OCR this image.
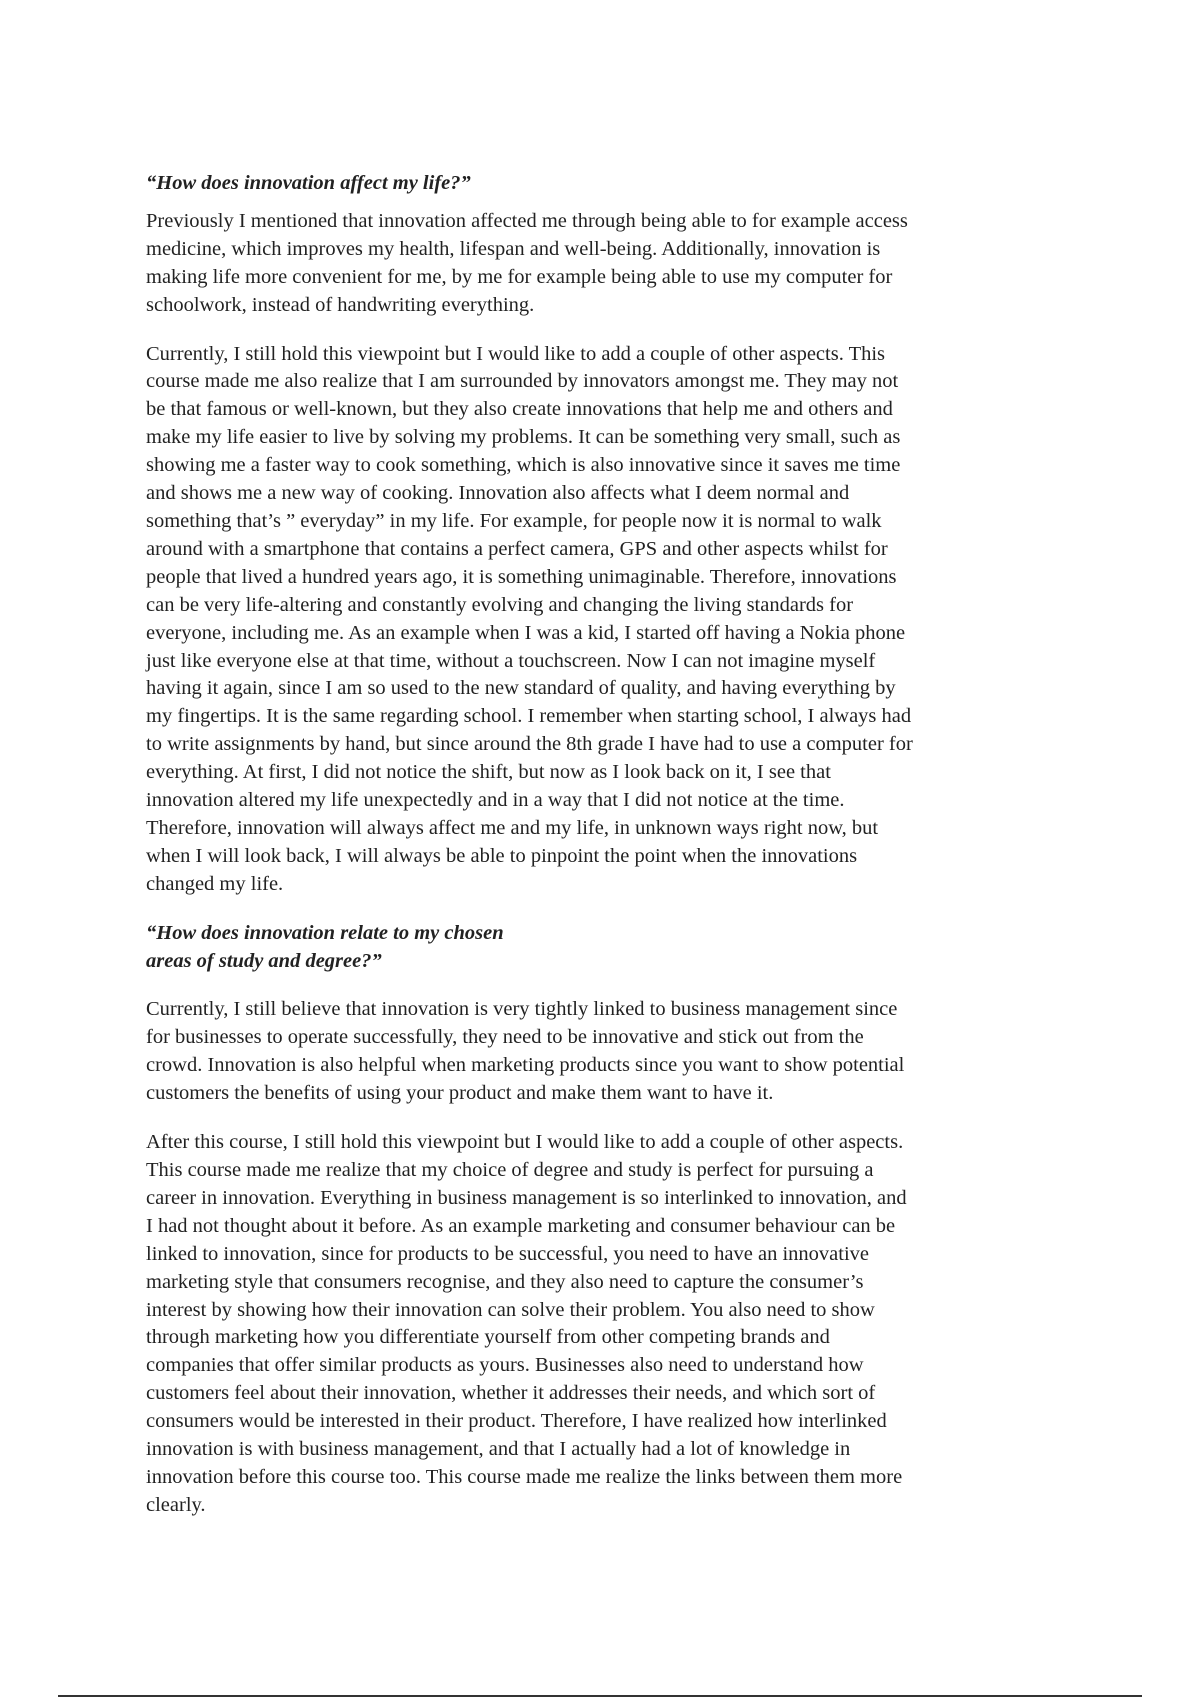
“How does innovation affect my life?”

Previously I mentioned that innovation affected me through being able to for example access
medicine, which improves my health, lifespan and well-being. Additionally, innovation is
making life more convenient for me, by me for example being able to use my computer for
schoolwork, instead of handwriting everything.

Currently, I still hold this viewpoint but I would like to add a couple of other aspects. This
course made me also realize that I am surrounded by innovators amongst me. They may not
be that famous or well-known, but they also create innovations that help me and others and
make my life easier to live by solving my problems. It can be something very small, such as
showing me a faster way to cook something, which is also innovative since it saves me time
and shows me a new way of cooking. Innovation also affects what I deem normal and
something that’s ” everyday” in my life. For example, for people now it is normal to walk
around with a smartphone that contains a perfect camera, GPS and other aspects whilst for
people that lived a hundred years ago, it is something unimaginable. Therefore, innovations
can be very life-altering and constantly evolving and changing the living standards for
everyone, including me. As an example when I was a kid, I started off having a Nokia phone
just like everyone else at that time, without a touchscreen. Now I can not imagine myself
having it again, since I am so used to the new standard of quality, and having everything by
my fingertips. It is the same regarding school. I remember when starting school, I always had
to write assignments by hand, but since around the 8th grade I have had to use a computer for
everything. At first, I did not notice the shift, but now as I look back on it, I see that
innovation altered my life unexpectedly and in a way that I did not notice at the time.
Therefore, innovation will always affect me and my life, in unknown ways right now, but
when I will look back, I will always be able to pinpoint the point when the innovations
changed my life.

“How does innovation relate to my chosen
areas of study and degree?”

Currently, I still believe that innovation is very tightly linked to business management since
for businesses to operate successfully, they need to be innovative and stick out from the
crowd. Innovation is also helpful when marketing products since you want to show potential
customers the benefits of using your product and make them want to have it.

After this course, I still hold this viewpoint but I would like to add a couple of other aspects.
This course made me realize that my choice of degree and study is perfect for pursuing a
career in innovation. Everything in business management is so interlinked to innovation, and
I had not thought about it before. As an example marketing and consumer behaviour can be
linked to innovation, since for products to be successful, you need to have an innovative
marketing style that consumers recognise, and they also need to capture the consumer’s
interest by showing how their innovation can solve their problem. You also need to show
through marketing how you differentiate yourself from other competing brands and
companies that offer similar products as yours. Businesses also need to understand how
customers feel about their innovation, whether it addresses their needs, and which sort of
consumers would be interested in their product. Therefore, I have realized how interlinked
innovation is with business management, and that I actually had a lot of knowledge in
innovation before this course too. This course made me realize the links between them more
clearly.
